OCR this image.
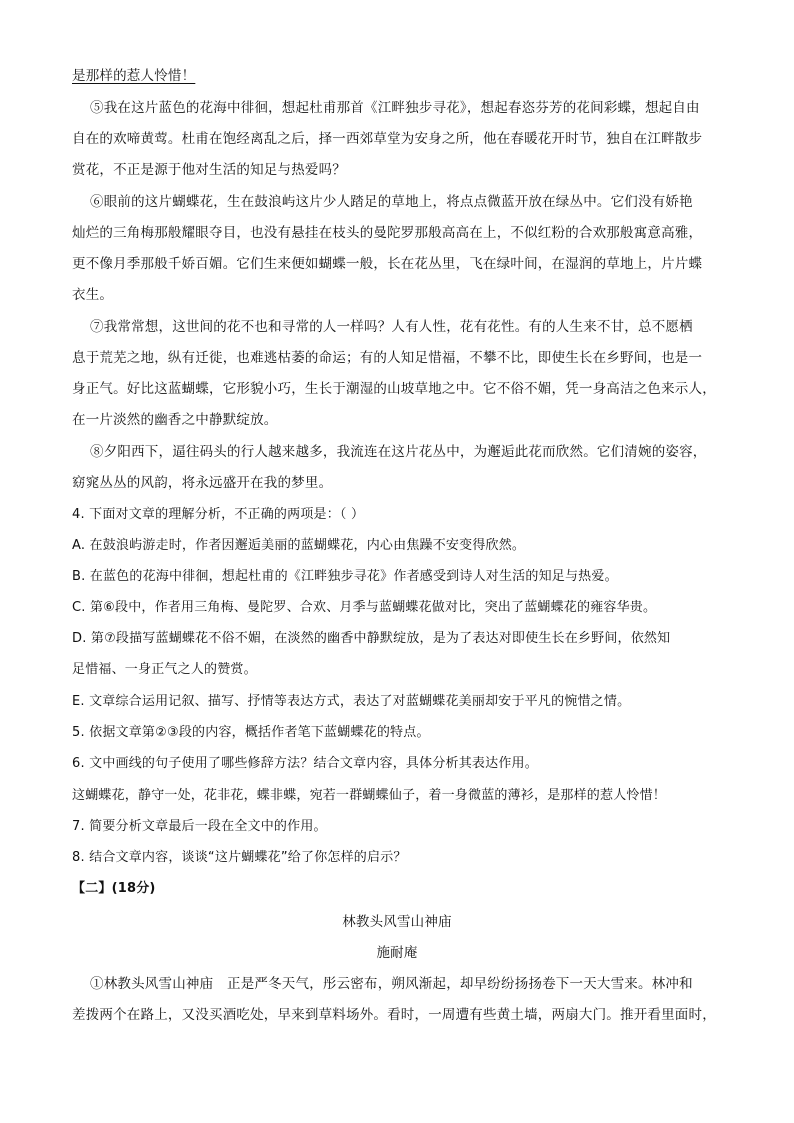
是那样的惹人怜惜！
⑤我在这片蓝色的花海中徘徊，想起杜甫那首《江畔独步寻花》，想起春恣芬芳的花间彩蝶，想起自由
自在的欢啼黄莺。杜甫在饱经离乱之后，择一西郊草堂为安身之所，他在春暖花开时节，独自在江畔散步
赏花，不正是源于他对生活的知足与热爱吗？
⑥眼前的这片蝴蝶花，生在鼓浪屿这片少人踏足的草地上，将点点微蓝开放在绿丛中。它们没有娇艳
灿烂的三角梅那般耀眼夺目，也没有悬挂在枝头的曼陀罗那般高高在上，不似红粉的合欢那般寓意高雅，
更不像月季那般千娇百媚。它们生来便如蝴蝶一般，长在花丛里，飞在绿叶间，在湿润的草地上，片片蝶
衣生。
⑦我常常想，这世间的花不也和寻常的人一样吗？人有人性，花有花性。有的人生来不甘，总不愿栖
息于荒芜之地，纵有迁徙，也难逃枯萎的命运；有的人知足惜福，不攀不比，即使生长在乡野间，也是一
身正气。好比这蓝蝴蝶，它形貌小巧，生长于潮湿的山坡草地之中。它不俗不媚，凭一身高洁之色来示人，
在一片淡然的幽香之中静默绽放。
⑧夕阳西下，逼往码头的行人越来越多，我流连在这片花丛中，为邂逅此花而欣然。它们清婉的姿容，
窈窕丛丛的风韵，将永远盛开在我的梦里。
4. 下面对文章的理解分析，不正确的两项是：（ ）
A. 在鼓浪屿游走时，作者因邂逅美丽的蓝蝴蝶花，内心由焦躁不安变得欣然。
B. 在蓝色的花海中徘徊，想起杜甫的《江畔独步寻花》作者感受到诗人对生活的知足与热爱。
C. 第⑥段中，作者用三角梅、曼陀罗、合欢、月季与蓝蝴蝶花做对比，突出了蓝蝴蝶花的雍容华贵。
D. 第⑦段描写蓝蝴蝶花不俗不媚，在淡然的幽香中静默绽放，是为了表达对即使生长在乡野间，依然知
足惜福、一身正气之人的赞赏。
E. 文章综合运用记叙、描写、抒情等表达方式，表达了对蓝蝴蝶花美丽却安于平凡的惋惜之情。
5. 依据文章第②③段的内容，概括作者笔下蓝蝴蝶花的特点。
6. 文中画线的句子使用了哪些修辞方法？结合文章内容，具体分析其表达作用。
这蝴蝶花，静守一处，花非花，蝶非蝶，宛若一群蝴蝶仙子，着一身微蓝的薄衫，是那样的惹人怜惜！
7. 简要分析文章最后一段在全文中的作用。
8. 结合文章内容，谈谈“这片蝴蝶花”给了你怎样的启示？
【二】(18分)
林教头风雪山神庙
施耐庵
①林教头风雪山神庙　正是严冬天气，彤云密布，朔风渐起，却早纷纷扬扬卷下一天大雪来。林冲和
差拨两个在路上，又没买酒吃处，早来到草料场外。看时，一周遭有些黄土墙，两扇大门。推开看里面时，
